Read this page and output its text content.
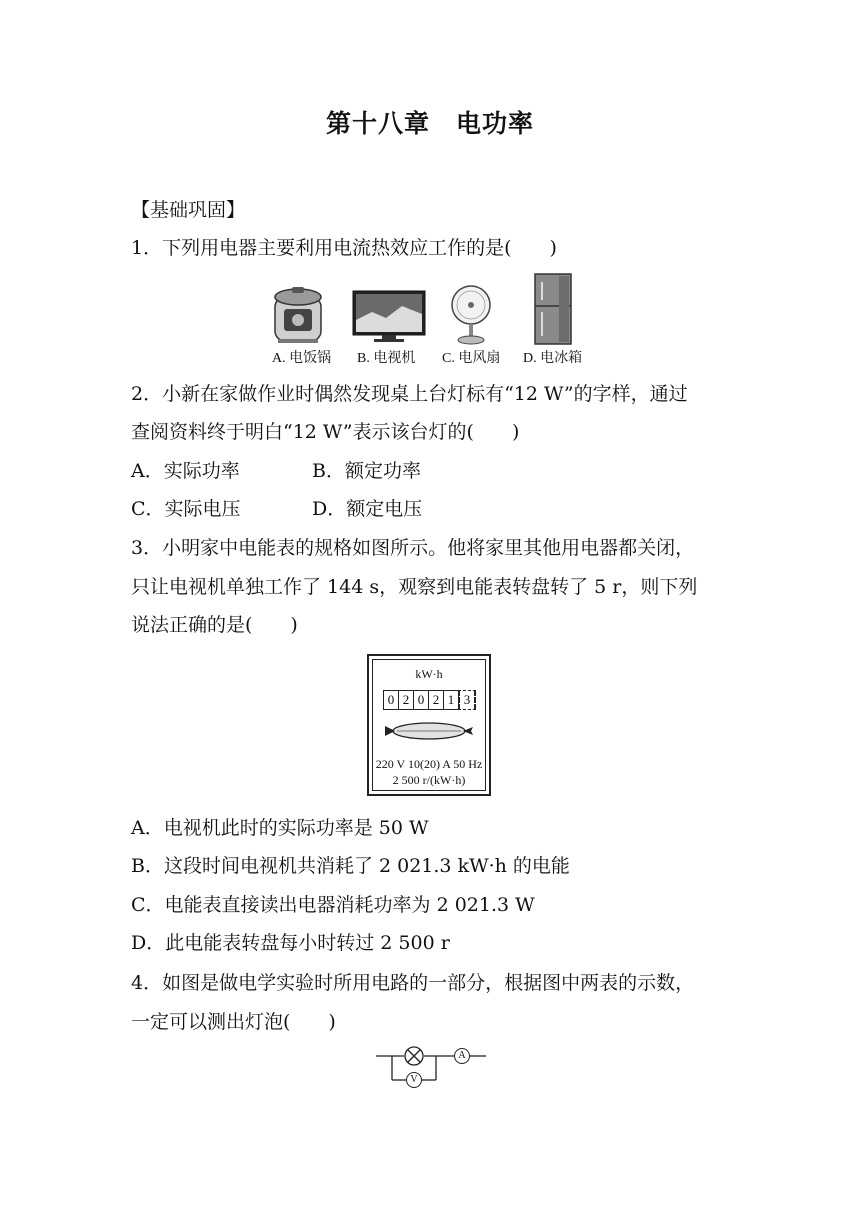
第十八章　电功率
【基础巩固】
1．下列用电器主要利用电流热效应工作的是(　　)
A. 电饭锅 B. 电视机 C. 电风扇 D. 电冰箱
2．小新在家做作业时偶然发现桌上台灯标有“12 W”的字样，通过
查阅资料终于明白“12 W”表示该台灯的(　　)
A．实际功率	B．额定功率
C．实际电压	D．额定电压
3．小明家中电能表的规格如图所示。他将家里其他用电器都关闭，
只让电视机单独工作了 144 s，观察到电能表转盘转了 5 r，则下列
说法正确的是(　　)
kW·h
0 2 0 2 1 3
220 V 10(20) A 50 Hz
2 500 r/(kW·h)
A．电视机此时的实际功率是 50 W
B．这段时间电视机共消耗了 2 021.3 kW·h 的电能
C．电能表直接读出电器消耗功率为 2 021.3 W
D．此电能表转盘每小时转过 2 500 r
4．如图是做电学实验时所用电路的一部分，根据图中两表的示数，
一定可以测出灯泡(　　)
A
V
